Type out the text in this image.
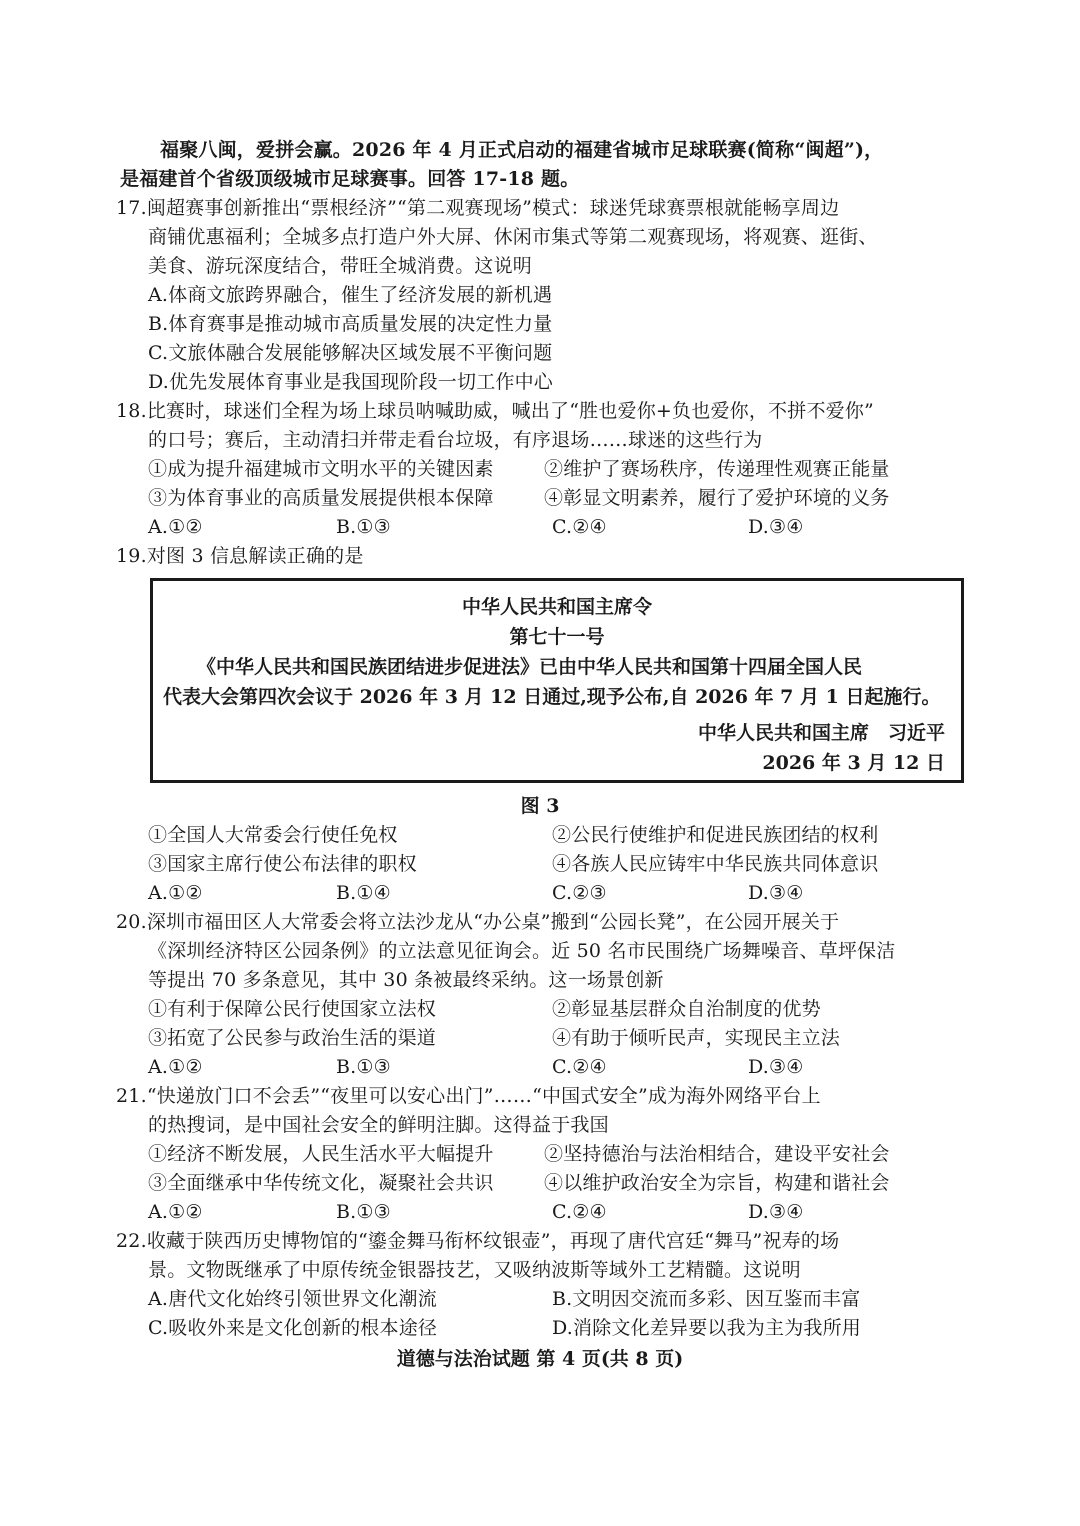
福聚八闽，爱拼会赢。2026 年 4 月正式启动的福建省城市足球联赛(简称“闽超”)，
是福建首个省级顶级城市足球赛事。回答 17-18 题。
17.闽超赛事创新推出“票根经济”“第二观赛现场”模式：球迷凭球赛票根就能畅享周边
商铺优惠福利；全城多点打造户外大屏、休闲市集式等第二观赛现场，将观赛、逛街、
美食、游玩深度结合，带旺全城消费。这说明
A.体商文旅跨界融合，催生了经济发展的新机遇
B.体育赛事是推动城市高质量发展的决定性力量
C.文旅体融合发展能够解决区域发展不平衡问题
D.优先发展体育事业是我国现阶段一切工作中心
18.比赛时，球迷们全程为场上球员呐喊助威，喊出了“胜也爱你+负也爱你，不拼不爱你”
的口号；赛后，主动清扫并带走看台垃圾，有序退场……球迷的这些行为
①成为提升福建城市文明水平的关键因素	②维护了赛场秩序，传递理性观赛正能量
③为体育事业的高质量发展提供根本保障	④彰显文明素养，履行了爱护环境的义务
A.①②	B.①③	C.②④	D.③④
19.对图 3 信息解读正确的是
中华人民共和国主席令
第七十一号
《中华人民共和国民族团结进步促进法》已由中华人民共和国第十四届全国人民
代表大会第四次会议于 2026 年 3 月 12 日通过,现予公布,自 2026 年 7 月 1 日起施行。
中华人民共和国主席　习近平
2026 年 3 月 12 日
图 3
①全国人大常委会行使任免权	②公民行使维护和促进民族团结的权利
③国家主席行使公布法律的职权	④各族人民应铸牢中华民族共同体意识
A.①②	B.①④	C.②③	D.③④
20.深圳市福田区人大常委会将立法沙龙从“办公桌”搬到“公园长凳”，在公园开展关于
《深圳经济特区公园条例》的立法意见征询会。近 50 名市民围绕广场舞噪音、草坪保洁
等提出 70 多条意见，其中 30 条被最终采纳。这一场景创新
①有利于保障公民行使国家立法权	②彰显基层群众自治制度的优势
③拓宽了公民参与政治生活的渠道	④有助于倾听民声，实现民主立法
A.①②	B.①③	C.②④	D.③④
21.“快递放门口不会丢”“夜里可以安心出门”……“中国式安全”成为海外网络平台上
的热搜词，是中国社会安全的鲜明注脚。这得益于我国
①经济不断发展，人民生活水平大幅提升	②坚持德治与法治相结合，建设平安社会
③全面继承中华传统文化，凝聚社会共识	④以维护政治安全为宗旨，构建和谐社会
A.①②	B.①③	C.②④	D.③④
22.收藏于陕西历史博物馆的“鎏金舞马衔杯纹银壶”，再现了唐代宫廷“舞马”祝寿的场
景。文物既继承了中原传统金银器技艺，又吸纳波斯等域外工艺精髓。这说明
A.唐代文化始终引领世界文化潮流	B.文明因交流而多彩、因互鉴而丰富
C.吸收外来是文化创新的根本途径	D.消除文化差异要以我为主为我所用
道德与法治试题 第 4 页(共 8 页)
